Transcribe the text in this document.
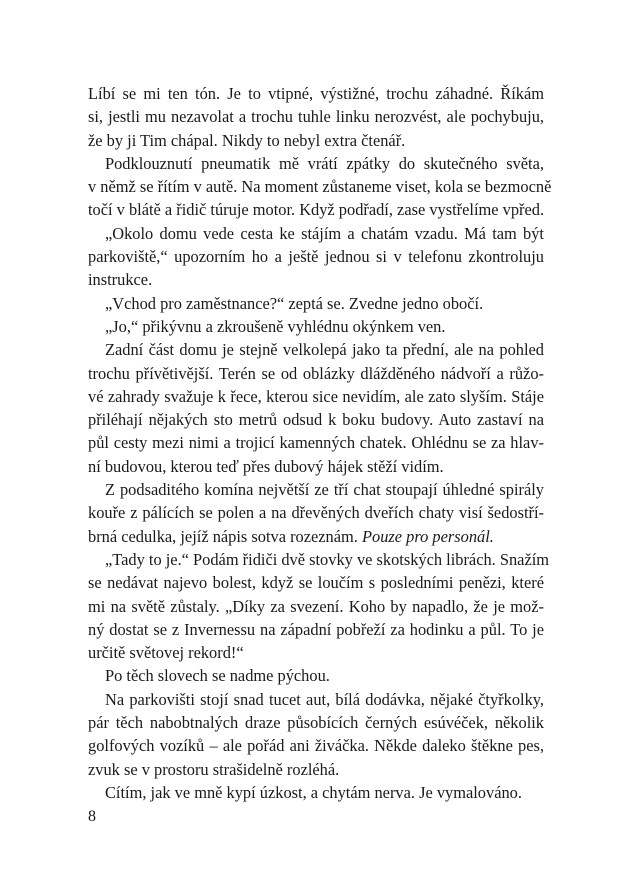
Líbí se mi ten tón. Je to vtipné, výstižné, trochu záhadné. Říkám
si, jestli mu nezavolat a trochu tuhle linku nerozvést, ale pochybuju,
že by ji Tim chápal. Nikdy to nebyl extra čtenář.
Podklouznutí pneumatik mě vrátí zpátky do skutečného světa,
v němž se řítím v autě. Na moment zůstaneme viset, kola se bezmocně
točí v blátě a řidič túruje motor. Když podřadí, zase vystřelíme vpřed.
„Okolo domu vede cesta ke stájím a chatám vzadu. Má tam být
parkoviště,“ upozorním ho a ještě jednou si v telefonu zkontroluju
instrukce.
„Vchod pro zaměstnance?“ zeptá se. Zvedne jedno obočí.
„Jo,“ přikývnu a zkroušeně vyhlédnu okýnkem ven.
Zadní část domu je stejně velkolepá jako ta přední, ale na pohled
trochu přívětivější. Terén se od oblázky dlážděného nádvoří a růžo-
vé zahrady svažuje k řece, kterou sice nevidím, ale zato slyším. Stáje
přiléhají nějakých sto metrů odsud k boku budovy. Auto zastaví na
půl cesty mezi nimi a trojicí kamenných chatek. Ohlédnu se za hlav-
ní budovou, kterou teď přes dubový hájek stěží vidím.
Z podsaditého komína největší ze tří chat stoupají úhledné spirály
kouře z pálících se polen a na dřevěných dveřích chaty visí šedostří-
brná cedulka, jejíž nápis sotva rozeznám. Pouze pro personál.
„Tady to je.“ Podám řidiči dvě stovky ve skotských librách. Snažím
se nedávat najevo bolest, když se loučím s posledními penězi, které
mi na světě zůstaly. „Díky za svezení. Koho by napadlo, že je mož-
ný dostat se z Invernessu na západní pobřeží za hodinku a půl. To je
určitě světovej rekord!“
Po těch slovech se nadme pýchou.
Na parkovišti stojí snad tucet aut, bílá dodávka, nějaké čtyřkolky,
pár těch nabobtnalých draze působících černých esúvéček, několik
golfových vozíků – ale pořád ani živáčka. Někde daleko štěkne pes,
zvuk se v prostoru strašidelně rozléhá.
Cítím, jak ve mně kypí úzkost, a chytám nerva. Je vymalováno.
8
